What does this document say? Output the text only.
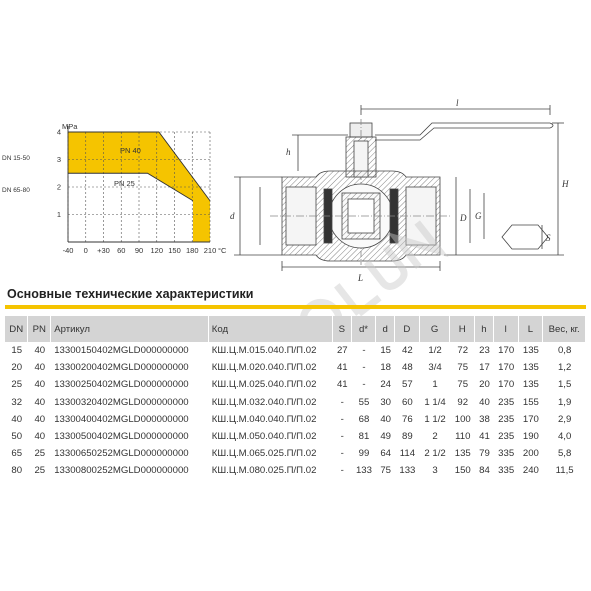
MPa
DN 15-50
DN 65-80
1
2
3
4
-40 0 +30 60 90 120 150 180 210 °C
PN 40
PN 25
l
h
H
d	D G
L
S
Основные технические характеристики
DN	PN	Артикул	Код	S	d*	d	D	G	H	h	l	L	Вес, кг.
15	40	13300150402MGLD000000000	КШ.Ц.М.015.040.П/П.02	27	-	15	42	1/2	72	23	170	135	0,8
20	40	13300200402MGLD000000000	КШ.Ц.М.020.040.П/П.02	41	-	18	48	3/4	75	17	170	135	1,2
25	40	13300250402MGLD000000000	КШ.Ц.М.025.040.П/П.02	41	-	24	57	1	75	20	170	135	1,5
32	40	13300320402MGLD000000000	КШ.Ц.М.032.040.П/П.02	-	55	30	60	1 1/4	92	40	235	155	1,9
40	40	13300400402MGLD000000000	КШ.Ц.М.040.040.П/П.02	-	68	40	76	1 1/2	100	38	235	170	2,9
50	40	13300500402MGLD000000000	КШ.Ц.М.050.040.П/П.02	-	81	49	89	2	110	41	235	190	4,0
65	25	13300650252MGLD000000000	КШ.Ц.М.065.025.П/П.02	-	99	64	114	2 1/2	135	79	335	200	5,8
80	25	13300800252MGLD000000000	КШ.Ц.М.080.025.П/П.02	-	133	75	133	3	150	84	335	240	11,5
